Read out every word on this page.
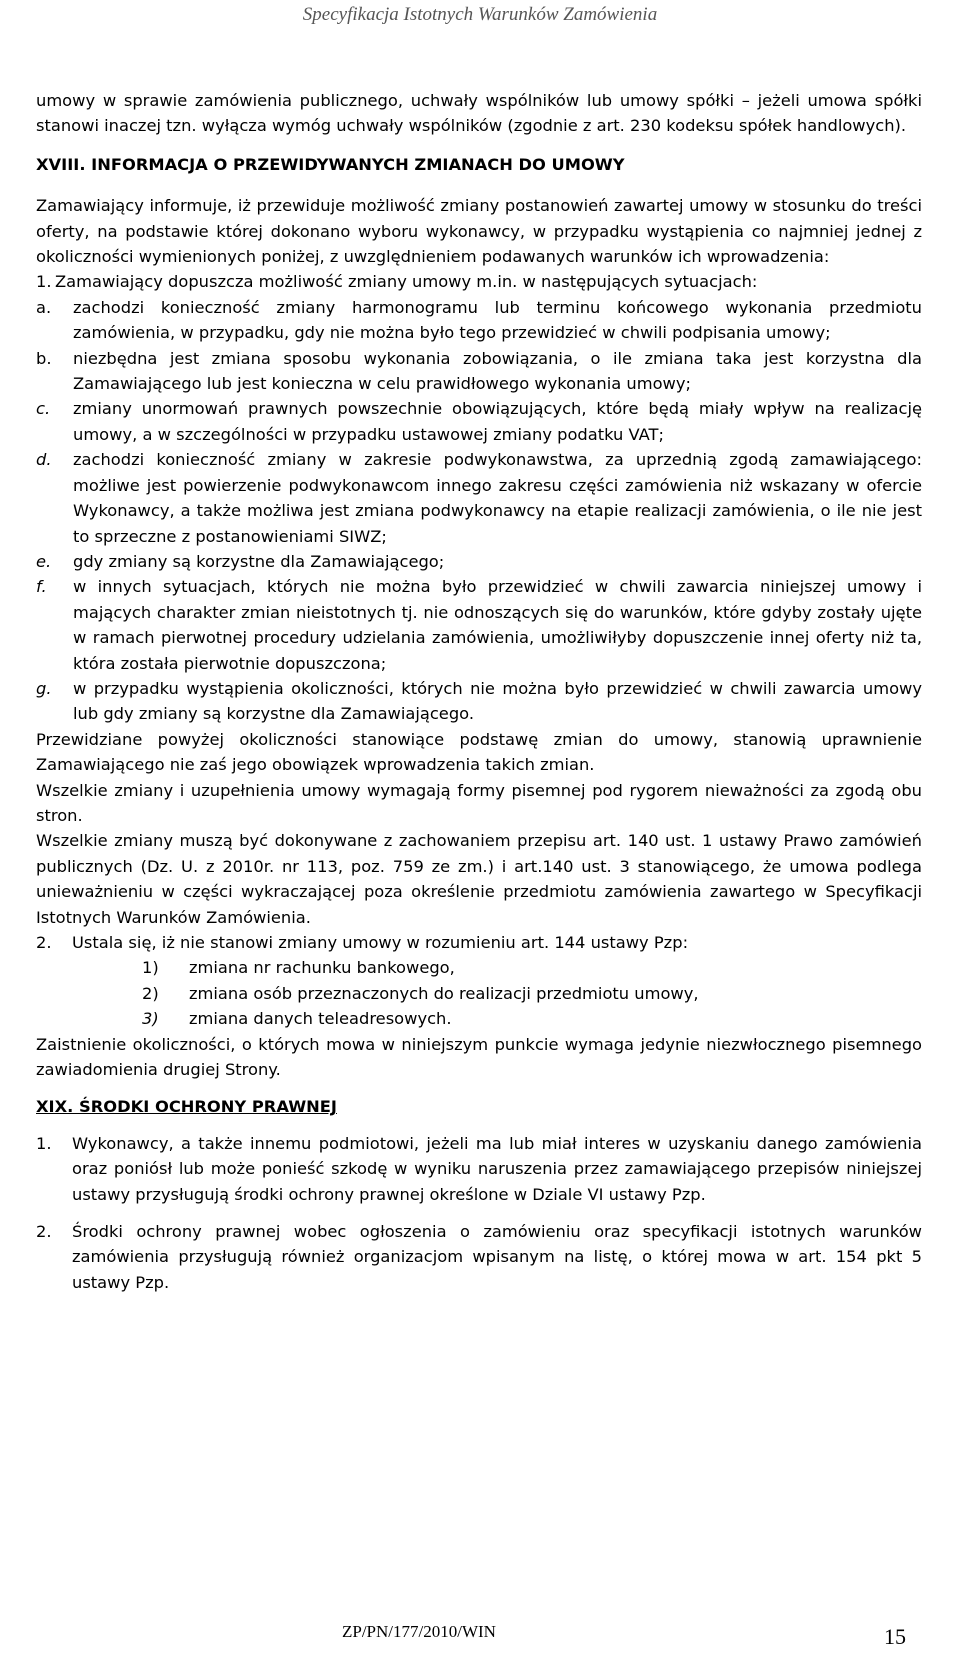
Specyfikacja Istotnych Warunków Zamówienia

umowy w sprawie zamówienia publicznego, uchwały wspólników lub umowy spółki – jeżeli umowa spółki stanowi inaczej tzn. wyłącza wymóg uchwały wspólników (zgodnie z art. 230 kodeksu spółek handlowych).

XVIII. INFORMACJA O PRZEWIDYWANYCH ZMIANACH DO UMOWY

Zamawiający informuje, iż przewiduje możliwość zmiany postanowień zawartej umowy w stosunku do treści oferty, na podstawie której dokonano wyboru wykonawcy, w przypadku wystąpienia co najmniej jednej z okoliczności wymienionych poniżej, z uwzględnieniem podawanych warunków ich wprowadzenia:

1. Zamawiający dopuszcza możliwość zmiany umowy m.in. w następujących sytuacjach:
a.	zachodzi konieczność zmiany harmonogramu lub terminu końcowego wykonania przedmiotu zamówienia, w przypadku, gdy nie można było tego przewidzieć w chwili podpisania umowy;
b.	niezbędna jest zmiana sposobu wykonania zobowiązania, o ile zmiana taka jest korzystna dla Zamawiającego lub jest konieczna w celu prawidłowego wykonania umowy;
c.	zmiany unormowań prawnych powszechnie obowiązujących, które będą miały wpływ na realizację umowy, a w szczególności w przypadku ustawowej zmiany podatku VAT;
d.	zachodzi konieczność zmiany w zakresie podwykonawstwa, za uprzednią zgodą zamawiającego: możliwe jest powierzenie podwykonawcom innego zakresu części zamówienia niż wskazany w ofercie Wykonawcy, a także możliwa jest zmiana podwykonawcy na etapie realizacji zamówienia, o ile nie jest to sprzeczne z postanowieniami SIWZ;
e.	gdy zmiany są korzystne dla Zamawiającego;
f.	w innych sytuacjach, których nie można było przewidzieć w chwili zawarcia niniejszej umowy i mających charakter zmian nieistotnych tj. nie odnoszących się do warunków, które gdyby zostały ujęte w ramach pierwotnej procedury udzielania zamówienia, umożliwiłyby dopuszczenie innej oferty niż ta, która została pierwotnie dopuszczona;
g.	w przypadku wystąpienia okoliczności, których nie można było przewidzieć w chwili zawarcia umowy lub gdy zmiany są korzystne dla Zamawiającego.

Przewidziane powyżej okoliczności stanowiące podstawę zmian do umowy, stanowią uprawnienie Zamawiającego nie zaś jego obowiązek wprowadzenia takich zmian.

Wszelkie zmiany i uzupełnienia umowy wymagają formy pisemnej pod rygorem nieważności za zgodą obu stron.

Wszelkie zmiany muszą być dokonywane z zachowaniem przepisu art. 140 ust. 1 ustawy Prawo zamówień publicznych (Dz. U. z 2010r. nr 113, poz. 759 ze zm.) i art.140 ust. 3 stanowiącego, że umowa podlega unieważnieniu w części wykraczającej poza określenie przedmiotu zamówienia zawartego w Specyfikacji Istotnych Warunków Zamówienia.

2.	Ustala się, iż nie stanowi zmiany umowy w rozumieniu art. 144 ustawy Pzp:
1)	zmiana nr rachunku bankowego,
2)	zmiana osób przeznaczonych do realizacji przedmiotu umowy,
3)	zmiana danych teleadresowych.

Zaistnienie okoliczności, o których mowa w niniejszym punkcie wymaga jedynie niezwłocznego pisemnego zawiadomienia drugiej Strony.

XIX. ŚRODKI OCHRONY PRAWNEJ

1.	Wykonawcy, a także innemu podmiotowi, jeżeli ma lub miał interes w uzyskaniu danego zamówienia oraz poniósł lub może ponieść szkodę w wyniku naruszenia przez zamawiającego przepisów niniejszej ustawy przysługują środki ochrony prawnej określone w Dziale VI ustawy Pzp.
2.	Środki ochrony prawnej wobec ogłoszenia o zamówieniu oraz specyfikacji istotnych warunków zamówienia przysługują również organizacjom wpisanym na listę, o której mowa w art. 154 pkt 5 ustawy Pzp.
ZP/PN/177/2010/WIN	15
